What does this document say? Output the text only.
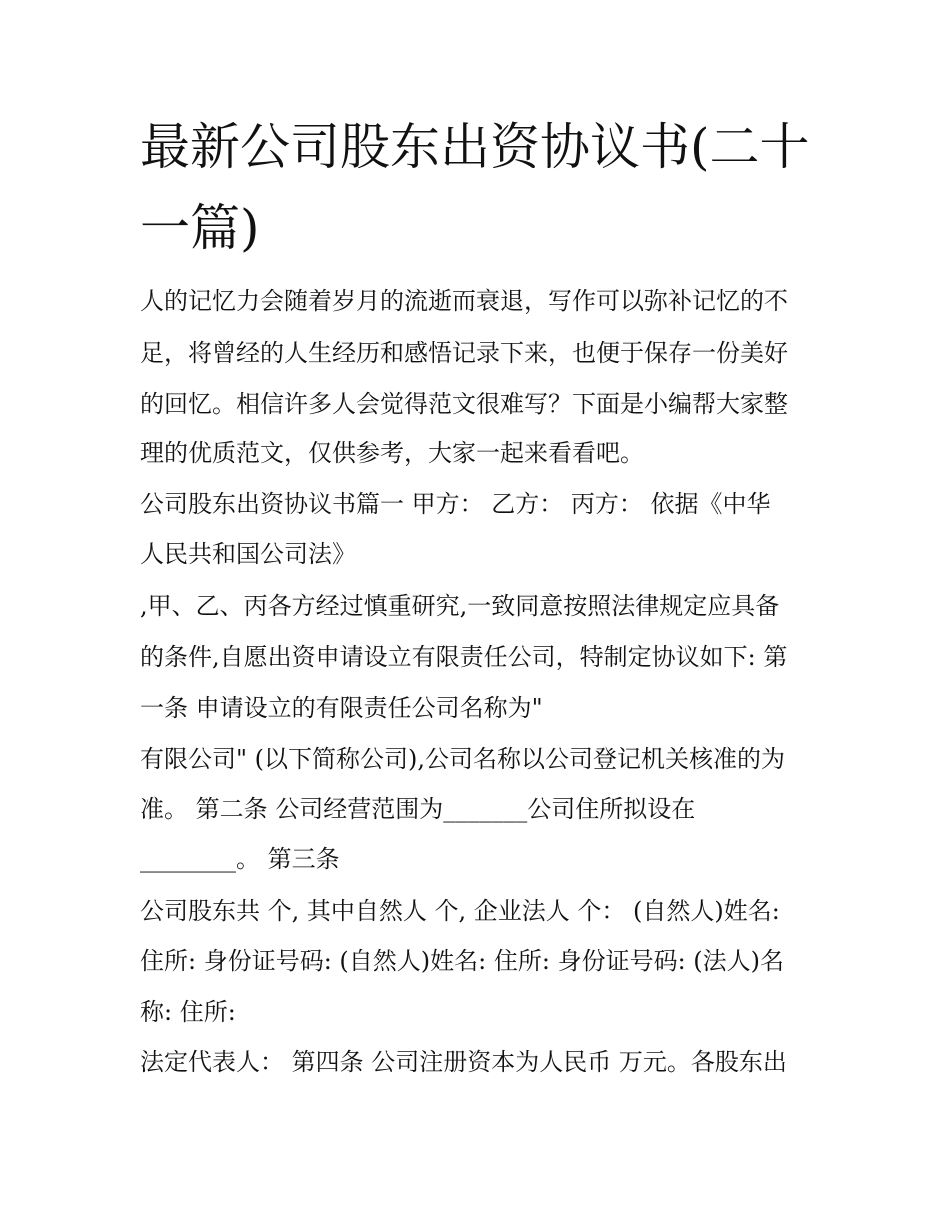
最新公司股东出资协议书(二十
一篇)

人的记忆力会随着岁月的流逝而衰退，写作可以弥补记忆的不

足，将曾经的人生经历和感悟记录下来，也便于保存一份美好

的回忆。相信许多人会觉得范文很难写？下面是小编帮大家整

理的优质范文，仅供参考，大家一起来看看吧。

公司股东出资协议书篇一 甲方： 乙方： 丙方： 依据《中华

人民共和国公司法》

,甲、乙、丙各方经过慎重研究,一致同意按照法律规定应具备

的条件,自愿出资申请设立有限责任公司，特制定协议如下: 第

一条 申请设立的有限责任公司名称为"

有限公司" (以下简称公司),公司名称以公司登记机关核准的为

准。 第二条 公司经营范围为_______公司住所拟设在

________。 第三条

公司股东共 个, 其中自然人 个, 企业法人 个： (自然人)姓名:

住所: 身份证号码: (自然人)姓名: 住所: 身份证号码: (法人)名

称: 住所:

法定代表人： 第四条 公司注册资本为人民币 万元。各股东出
